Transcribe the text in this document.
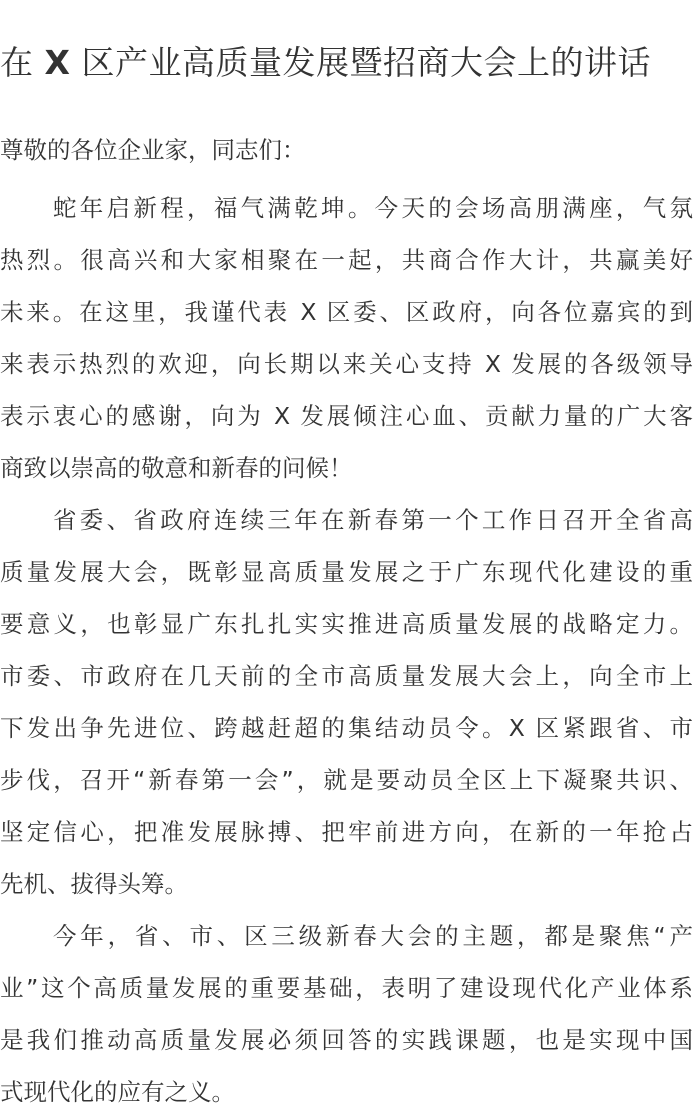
在 X 区产业高质量发展暨招商大会上的讲话

尊敬的各位企业家，同志们：

蛇年启新程，福气满乾坤。今天的会场高朋满座，气氛
热烈。很高兴和大家相聚在一起，共商合作大计，共赢美好
未来。在这里，我谨代表 X 区委、区政府，向各位嘉宾的到
来表示热烈的欢迎，向长期以来关心支持 X 发展的各级领导
表示衷心的感谢，向为 X 发展倾注心血、贡献力量的广大客
商致以崇高的敬意和新春的问候！
省委、省政府连续三年在新春第一个工作日召开全省高
质量发展大会，既彰显高质量发展之于广东现代化建设的重
要意义，也彰显广东扎扎实实推进高质量发展的战略定力。
市委、市政府在几天前的全市高质量发展大会上，向全市上
下发出争先进位、跨越赶超的集结动员令。X 区紧跟省、市
步伐，召开“新春第一会”，就是要动员全区上下凝聚共识、
坚定信心，把准发展脉搏、把牢前进方向，在新的一年抢占
先机、拔得头筹。
今年，省、市、区三级新春大会的主题，都是聚焦“产
业”这个高质量发展的重要基础，表明了建设现代化产业体系
是我们推动高质量发展必须回答的实践课题，也是实现中国
式现代化的应有之义。
